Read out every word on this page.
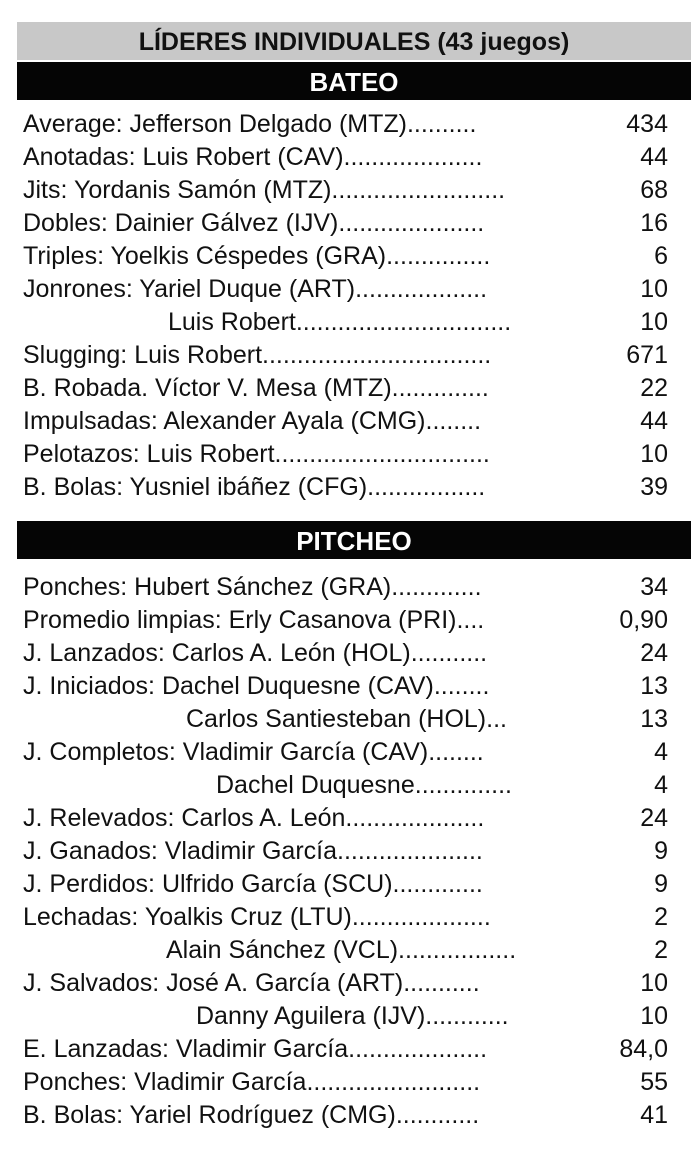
LÍDERES INDIVIDUALES (43 juegos)
BATEO
Average: Jefferson Delgado (MTZ)..........	434
Anotadas: Luis Robert (CAV)....................	44
Jits: Yordanis Samón (MTZ).........................	68
Dobles: Dainier Gálvez (IJV).....................	16
Triples: Yoelkis Céspedes (GRA)...............	6
Jonrones: Yariel Duque (ART)...................	10
Luis Robert...............................	10
Slugging: Luis Robert.................................	671
B. Robada. Víctor V. Mesa (MTZ)..............	22
Impulsadas: Alexander Ayala (CMG)........	44
Pelotazos: Luis Robert...............................	10
B. Bolas: Yusniel ibáñez (CFG).................	39
PITCHEO
Ponches: Hubert Sánchez (GRA).............	34
Promedio limpias: Erly Casanova (PRI)....	0,90
J. Lanzados: Carlos A. León (HOL)...........	24
J. Iniciados: Dachel Duquesne (CAV)........	13
Carlos Santiesteban (HOL)...	13
J. Completos: Vladimir García (CAV)........	4
Dachel Duquesne..............	4
J. Relevados: Carlos A. León....................	24
J. Ganados: Vladimir García.....................	9
J. Perdidos: Ulfrido García (SCU).............	9
Lechadas: Yoalkis Cruz (LTU)....................	2
Alain Sánchez (VCL).................	2
J. Salvados: José A. García (ART)...........	10
Danny Aguilera (IJV)............	10
E. Lanzadas: Vladimir García....................	84,0
Ponches: Vladimir García.........................	55
B. Bolas: Yariel Rodríguez (CMG)............	41
